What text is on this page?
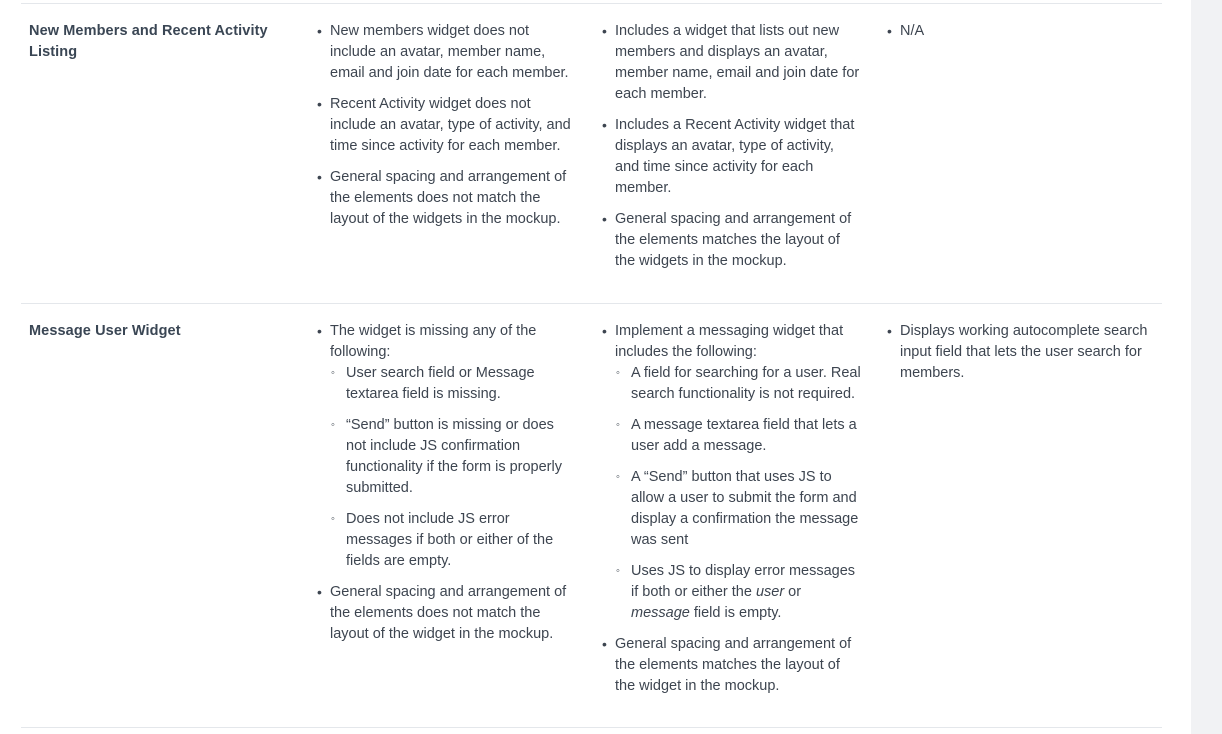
New Members and Recent Activity Listing
• New members widget does not include an avatar, member name, email and join date for each member.
• Recent Activity widget does not include an avatar, type of activity, and time since activity for each member.
• General spacing and arrangement of the elements does not match the layout of the widgets in the mockup.
• Includes a widget that lists out new members and displays an avatar, member name, email and join date for each member.
• Includes a Recent Activity widget that displays an avatar, type of activity, and time since activity for each member.
• General spacing and arrangement of the elements matches the layout of the widgets in the mockup.
• N/A
Message User Widget
•	The widget is missing any of the following:
◦ User search field or Message textarea field is missing.
◦ “Send” button is missing or does not include JS confirmation functionality if the form is properly submitted.
◦ Does not include JS error messages if both or either of the fields are empty.
• General spacing and arrangement of the elements does not match the layout of the widget in the mockup.
• Implement a messaging widget that includes the following:
◦ A field for searching for a user. Real search functionality is not required.
◦ A message textarea field that lets a user add a message.
◦ A “Send” button that uses JS to allow a user to submit the form and display a confirmation the message was sent
◦ Uses JS to display error messages if both or either the user or message field is empty.
• General spacing and arrangement of the elements matches the layout of the widget in the mockup.
• Displays working autocomplete search input field that lets the user search for members.
